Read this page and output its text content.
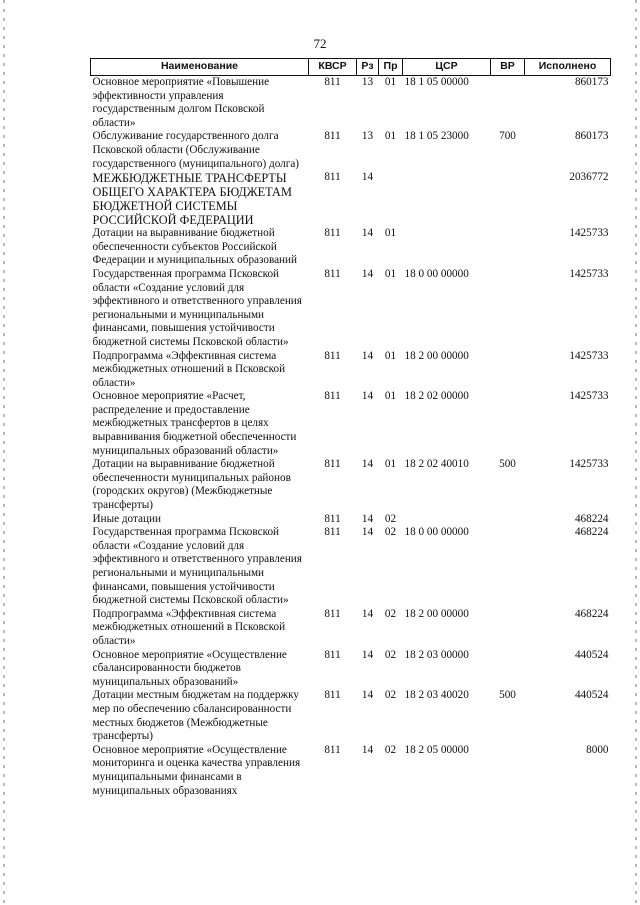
72
Наименование	КВСР	Рз	Пр	ЦСР	ВР	Исполнено
Основное мероприятие «Повышение эффективности управления государственным долгом Псковской области»	811	13	01	18 1 05 00000		860173
Обслуживание государственного долга Псковской области (Обслуживание государственного (муниципального) долга)	811	13	01	18 1 05 23000	700	860173
МЕЖБЮДЖЕТНЫЕ ТРАНСФЕРТЫ ОБЩЕГО ХАРАКТЕРА БЮДЖЕТАМ БЮДЖЕТНОЙ СИСТЕМЫ РОССИЙСКОЙ ФЕДЕРАЦИИ	811	14				2036772
Дотации на выравнивание бюджетной обеспеченности субъектов Российской Федерации и муниципальных образований	811	14	01			1425733
Государственная программа Псковской области «Создание условий для эффективного и ответственного управления региональными и муниципальными финансами, повышения устойчивости бюджетной системы Псковской области»	811	14	01	18 0 00 00000		1425733
Подпрограмма «Эффективная система межбюджетных отношений в Псковской области»	811	14	01	18 2 00 00000		1425733
Основное мероприятие «Расчет, распределение и предоставление межбюджетных трансфертов в целях выравнивания бюджетной обеспеченности муниципальных образований области»	811	14	01	18 2 02 00000		1425733
Дотации на выравнивание бюджетной обеспеченности муниципальных районов (городских округов) (Межбюджетные трансферты)	811	14	01	18 2 02 40010	500	1425733
Иные дотации	811	14	02			468224
Государственная программа Псковской области «Создание условий для эффективного и ответственного управления региональными и муниципальными финансами, повышения устойчивости бюджетной системы Псковской области»	811	14	02	18 0 00 00000		468224
Подпрограмма «Эффективная система межбюджетных отношений в Псковской области»	811	14	02	18 2 00 00000		468224
Основное мероприятие «Осуществление сбалансированности бюджетов муниципальных образований»	811	14	02	18 2 03 00000		440524
Дотации местным бюджетам на поддержку мер по обеспечению сбалансированности местных бюджетов (Межбюджетные трансферты)	811	14	02	18 2 03 40020	500	440524
Основное мероприятие «Осуществление мониторинга и оценка качества управления муниципальными финансами в муниципальных образованиях	811	14	02	18 2 05 00000		8000
